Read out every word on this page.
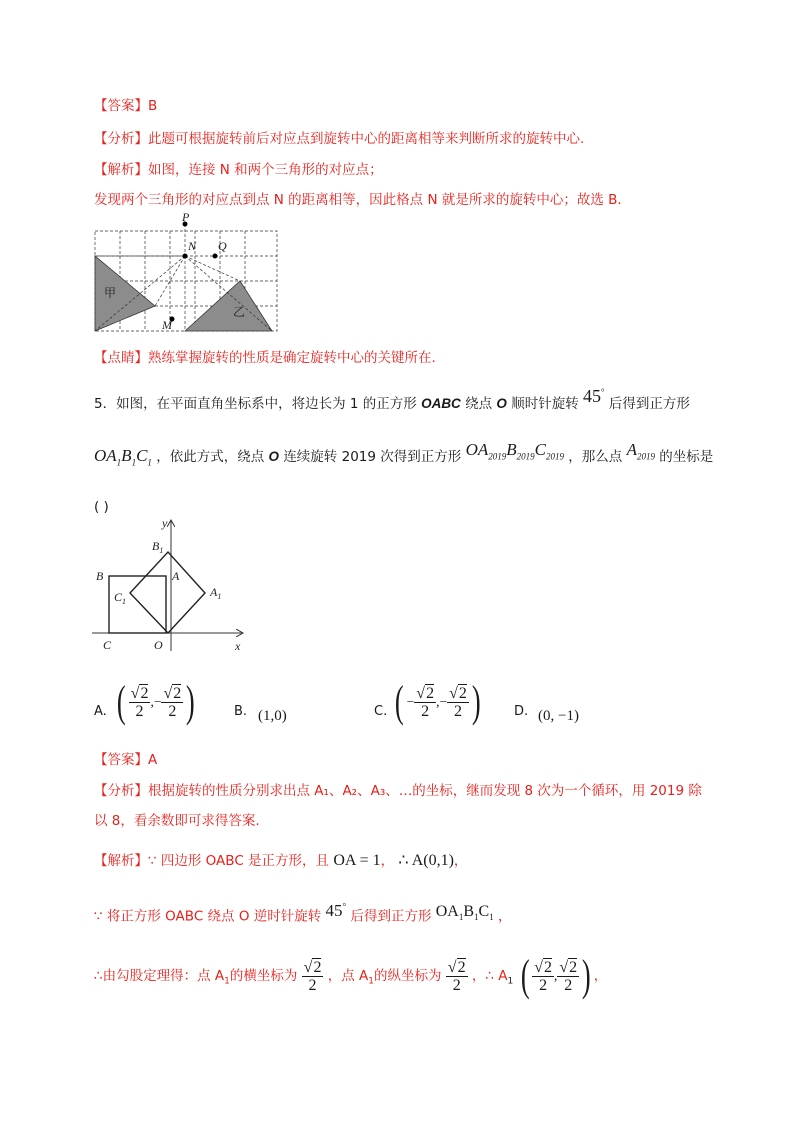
【答案】B
【分析】此题可根据旋转前后对应点到旋转中心的距离相等来判断所求的旋转中心.
【解析】如图，连接 N 和两个三角形的对应点；
发现两个三角形的对应点到点 N 的距离相等，因此格点 N 就是所求的旋转中心；故选 B.
P
N Q
M
甲
乙
【点睛】熟练掌握旋转的性质是确定旋转中心的关键所在.
5．如图，在平面直角坐标系中，将边长为 1 的正方形 OABC 绕点 O 顺时针旋转 45° 后得到正方形
$OA_1B_1C_1$ ，依此方式，绕点 O 连续旋转 2019 次得到正方形 $OA_{2019}B_{2019}C_{2019}$ ，那么点 $A_{2019}$ 的坐标是
( )
y
x
$B_1$
A
B
$C_1$
$A_1$
C	O
A. ( $\frac{√2}{2}$ ,− $\frac{√2}{2}$ )	B. (1,0)	C. ( − $\frac{√2}{2}$ ,− $\frac{√2}{2}$ )	D. (0, −1)
【答案】A
【分析】根据旋转的性质分别求出点 A₁、A₂、A₃、…的坐标，继而发现 8 次为一个循环，用 2019 除
以 8，看余数即可求得答案.
【解析】∵ 四边形 OABC 是正方形，且 OA = 1， ∴ A(0,1)，
∵ 将正方形 OABC 绕点 O 逆时针旋转 45° 后得到正方形 $OA_1B_1C_1$ ，
∴由勾股定理得：点 $A_1$的横坐标为 $\frac{√2}{2}$ ，点 $A_1$的纵坐标为 $\frac{√2}{2}$ ，∴ $A_1$ ( $\frac{√2}{2}$ , $\frac{√2}{2}$ ) ，
